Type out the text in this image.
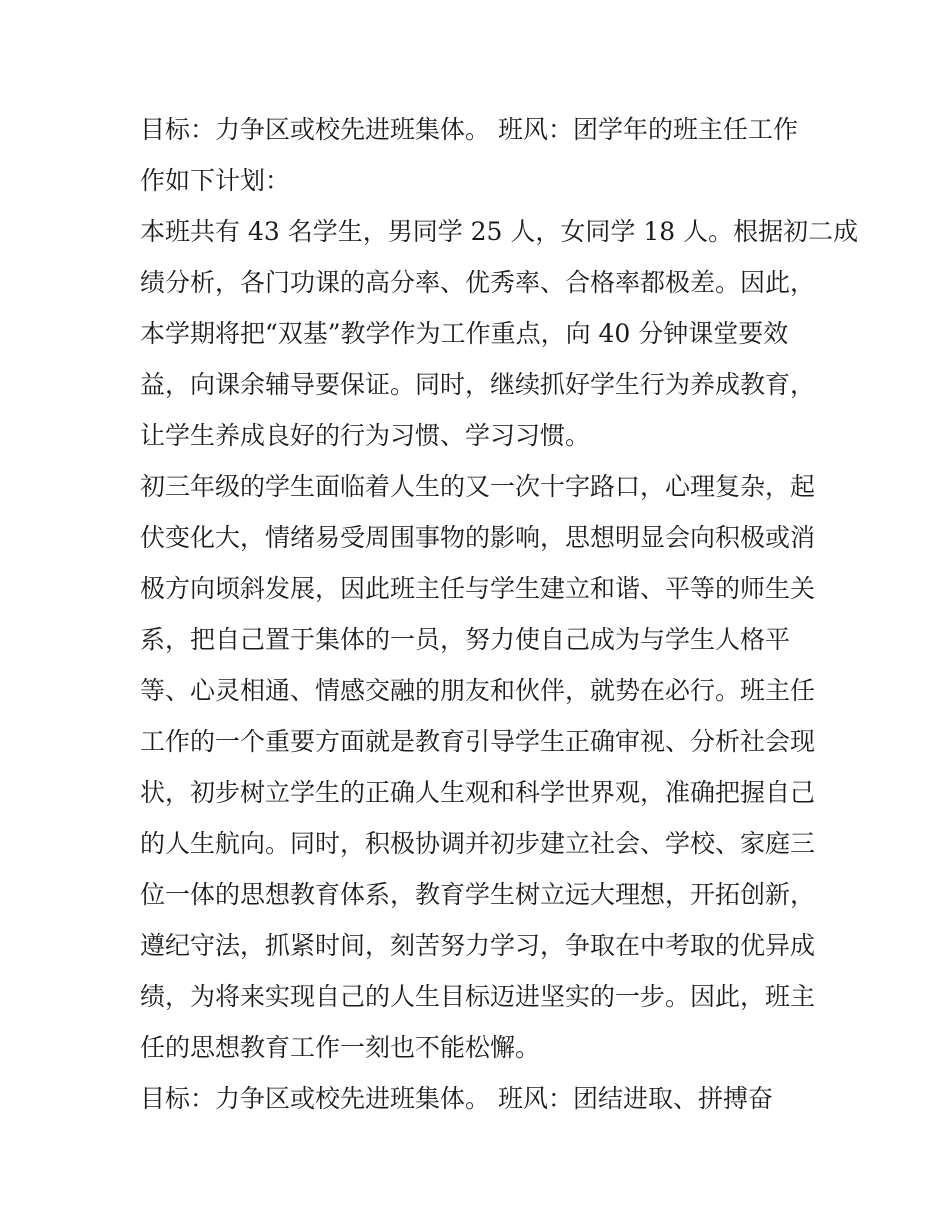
目标：力争区或校先进班集体。 班风：团学年的班主任工作
作如下计划：
本班共有 43 名学生，男同学 25 人，女同学 18 人。根据初二成
绩分析，各门功课的高分率、优秀率、合格率都极差。因此，
本学期将把“双基”教学作为工作重点，向 40 分钟课堂要效
益，向课余辅导要保证。同时，继续抓好学生行为养成教育，
让学生养成良好的行为习惯、学习习惯。
初三年级的学生面临着人生的又一次十字路口，心理复杂，起
伏变化大，情绪易受周围事物的影响，思想明显会向积极或消
极方向顷斜发展，因此班主任与学生建立和谐、平等的师生关
系，把自己置于集体的一员，努力使自己成为与学生人格平
等、心灵相通、情感交融的朋友和伙伴，就势在必行。班主任
工作的一个重要方面就是教育引导学生正确审视、分析社会现
状，初步树立学生的正确人生观和科学世界观，准确把握自己
的人生航向。同时，积极协调并初步建立社会、学校、家庭三
位一体的思想教育体系，教育学生树立远大理想，开拓创新，
遵纪守法，抓紧时间，刻苦努力学习，争取在中考取的优异成
绩，为将来实现自己的人生目标迈进坚实的一步。因此，班主
任的思想教育工作一刻也不能松懈。
目标：力争区或校先进班集体。 班风：团结进取、拼搏奋
